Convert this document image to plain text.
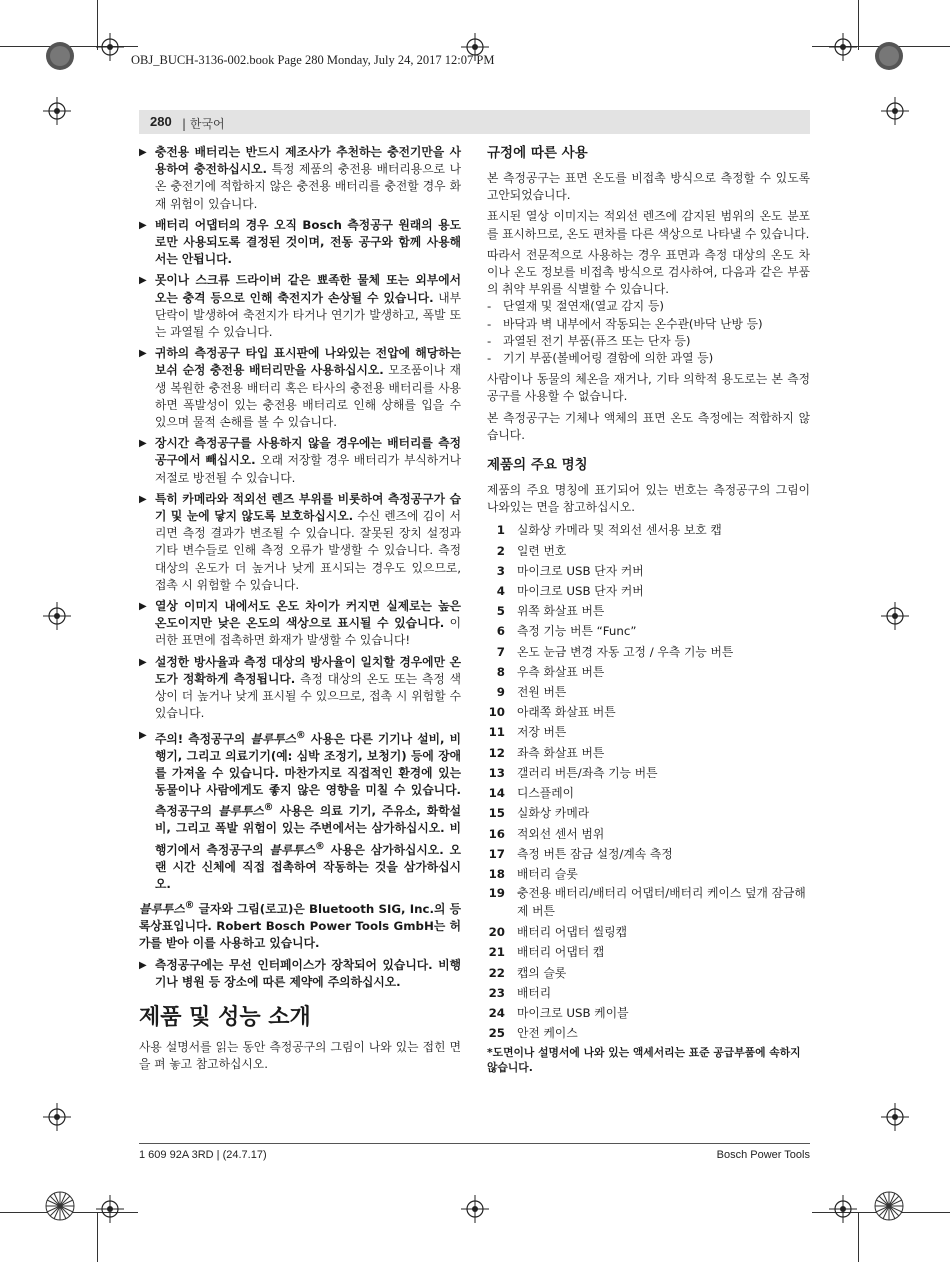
OBJ_BUCH-3136-002.book Page 280 Monday, July 24, 2017 12:07 PM
280 | 한국어
▶ 충전용 배터리는 반드시 제조사가 추천하는 충전기만을 사용하여 충전하십시오. 특정 제품의 충전용 배터리용으로 나온 충전기에 적합하지 않은 충전용 배터리를 충전할 경우 화재 위험이 있습니다.
▶ 배터리 어댑터의 경우 오직 Bosch 측정공구 원래의 용도로만 사용되도록 결정된 것이며, 전동 공구와 함께 사용해서는 안됩니다.
▶ 못이나 스크류 드라이버 같은 뾰족한 물체 또는 외부에서 오는 충격 등으로 인해 축전지가 손상될 수 있습니다. 내부 단락이 발생하여 축전지가 타거나 연기가 발생하고, 폭발 또는 과열될 수 있습니다.
▶ 귀하의 측정공구 타입 표시판에 나와있는 전압에 해당하는 보쉬 순정 충전용 배터리만을 사용하십시오. 모조품이나 재생 복원한 충전용 배터리 혹은 타사의 충전용 배터리를 사용하면 폭발성이 있는 충전용 배터리로 인해 상해를 입을 수 있으며 물적 손해를 볼 수 있습니다.
▶ 장시간 측정공구를 사용하지 않을 경우에는 배터리를 측정공구에서 빼십시오. 오래 저장할 경우 배터리가 부식하거나 저절로 방전될 수 있습니다.
▶ 특히 카메라와 적외선 렌즈 부위를 비롯하여 측정공구가 습기 및 눈에 닿지 않도록 보호하십시오. 수신 렌즈에 김이 서리면 측정 결과가 변조될 수 있습니다. 잘못된 장치 설정과 기타 변수들로 인해 측정 오류가 발생할 수 있습니다. 측정 대상의 온도가 더 높거나 낮게 표시되는 경우도 있으므로, 접촉 시 위험할 수 있습니다.
▶ 열상 이미지 내에서도 온도 차이가 커지면 실제로는 높은 온도이지만 낮은 온도의 색상으로 표시될 수 있습니다. 이러한 표면에 접촉하면 화재가 발생할 수 있습니다!
▶ 설정한 방사율과 측정 대상의 방사율이 일치할 경우에만 온도가 정확하게 측정됩니다. 측정 대상의 온도 또는 측정 색상이 더 높거나 낮게 표시될 수 있으므로, 접촉 시 위험할 수 있습니다.
▶ 주의! 측정공구의 블루투스® 사용은 다른 기기나 설비, 비행기, 그리고 의료기기(예: 심박 조정기, 보청기) 등에 장애를 가져올 수 있습니다. 마찬가지로 직접적인 환경에 있는 동물이나 사람에게도 좋지 않은 영향을 미칠 수 있습니다. 측정공구의 블루투스® 사용은 의료 기기, 주유소, 화학설비, 그리고 폭발 위험이 있는 주변에서는 삼가하십시오. 비행기에서 측정공구의 블루투스® 사용은 삼가하십시오. 오랜 시간 신체에 직접 접촉하여 작동하는 것을 삼가하십시오.
블루투스® 글자와 그림(로고)은 Bluetooth SIG, Inc.의 등록상표입니다. Robert Bosch Power Tools GmbH는 허가를 받아 이를 사용하고 있습니다.
▶ 측정공구에는 무선 인터페이스가 장착되어 있습니다. 비행기나 병원 등 장소에 따른 제약에 주의하십시오.
제품 및 성능 소개
사용 설명서를 읽는 동안 측정공구의 그림이 나와 있는 접힌 면을 펴 놓고 참고하십시오.
규정에 따른 사용
본 측정공구는 표면 온도를 비접촉 방식으로 측정할 수 있도록 고안되었습니다.
표시된 열상 이미지는 적외선 렌즈에 감지된 범위의 온도 분포를 표시하므로, 온도 편차를 다른 색상으로 나타낼 수 있습니다.
따라서 전문적으로 사용하는 경우 표면과 측정 대상의 온도 차이나 온도 정보를 비접촉 방식으로 검사하여, 다음과 같은 부품의 취약 부위를 식별할 수 있습니다.
- 단열재 및 절연재(열교 감지 등)
- 바닥과 벽 내부에서 작동되는 온수관(바닥 난방 등)
- 과열된 전기 부품(퓨즈 또는 단자 등)
- 기기 부품(볼베어링 결함에 의한 과열 등)
사람이나 동물의 체온을 재거나, 기타 의학적 용도로는 본 측정공구를 사용할 수 없습니다.
본 측정공구는 기체나 액체의 표면 온도 측정에는 적합하지 않습니다.
제품의 주요 명칭
제품의 주요 명칭에 표기되어 있는 번호는 측정공구의 그림이 나와있는 면을 참고하십시오.
1 실화상 카메라 및 적외선 센서용 보호 캡
2 일련 번호
3 마이크로 USB 단자 커버
4 마이크로 USB 단자 커버
5 위쪽 화살표 버튼
6 측정 기능 버튼 “Func”
7 온도 눈금 변경 자동 고정 / 우측 기능 버튼
8 우측 화살표 버튼
9 전원 버튼
10 아래쪽 화살표 버튼
11 저장 버튼
12 좌측 화살표 버튼
13 갤러리 버튼/좌측 기능 버튼
14 디스플레이
15 실화상 카메라
16 적외선 센서 범위
17 측정 버튼 잠금 설정/계속 측정
18 배터리 슬롯
19 충전용 배터리/배터리 어댑터/배터리 케이스 덮개 잠금해제 버튼
20 배터리 어댑터 씰링캡
21 배터리 어댑터 캡
22 캡의 슬롯
23 배터리
24 마이크로 USB 케이블
25 안전 케이스
*도면이나 설명서에 나와 있는 액세서리는 표준 공급부품에 속하지 않습니다.
1 609 92A 3RD | (24.7.17)	Bosch Power Tools
